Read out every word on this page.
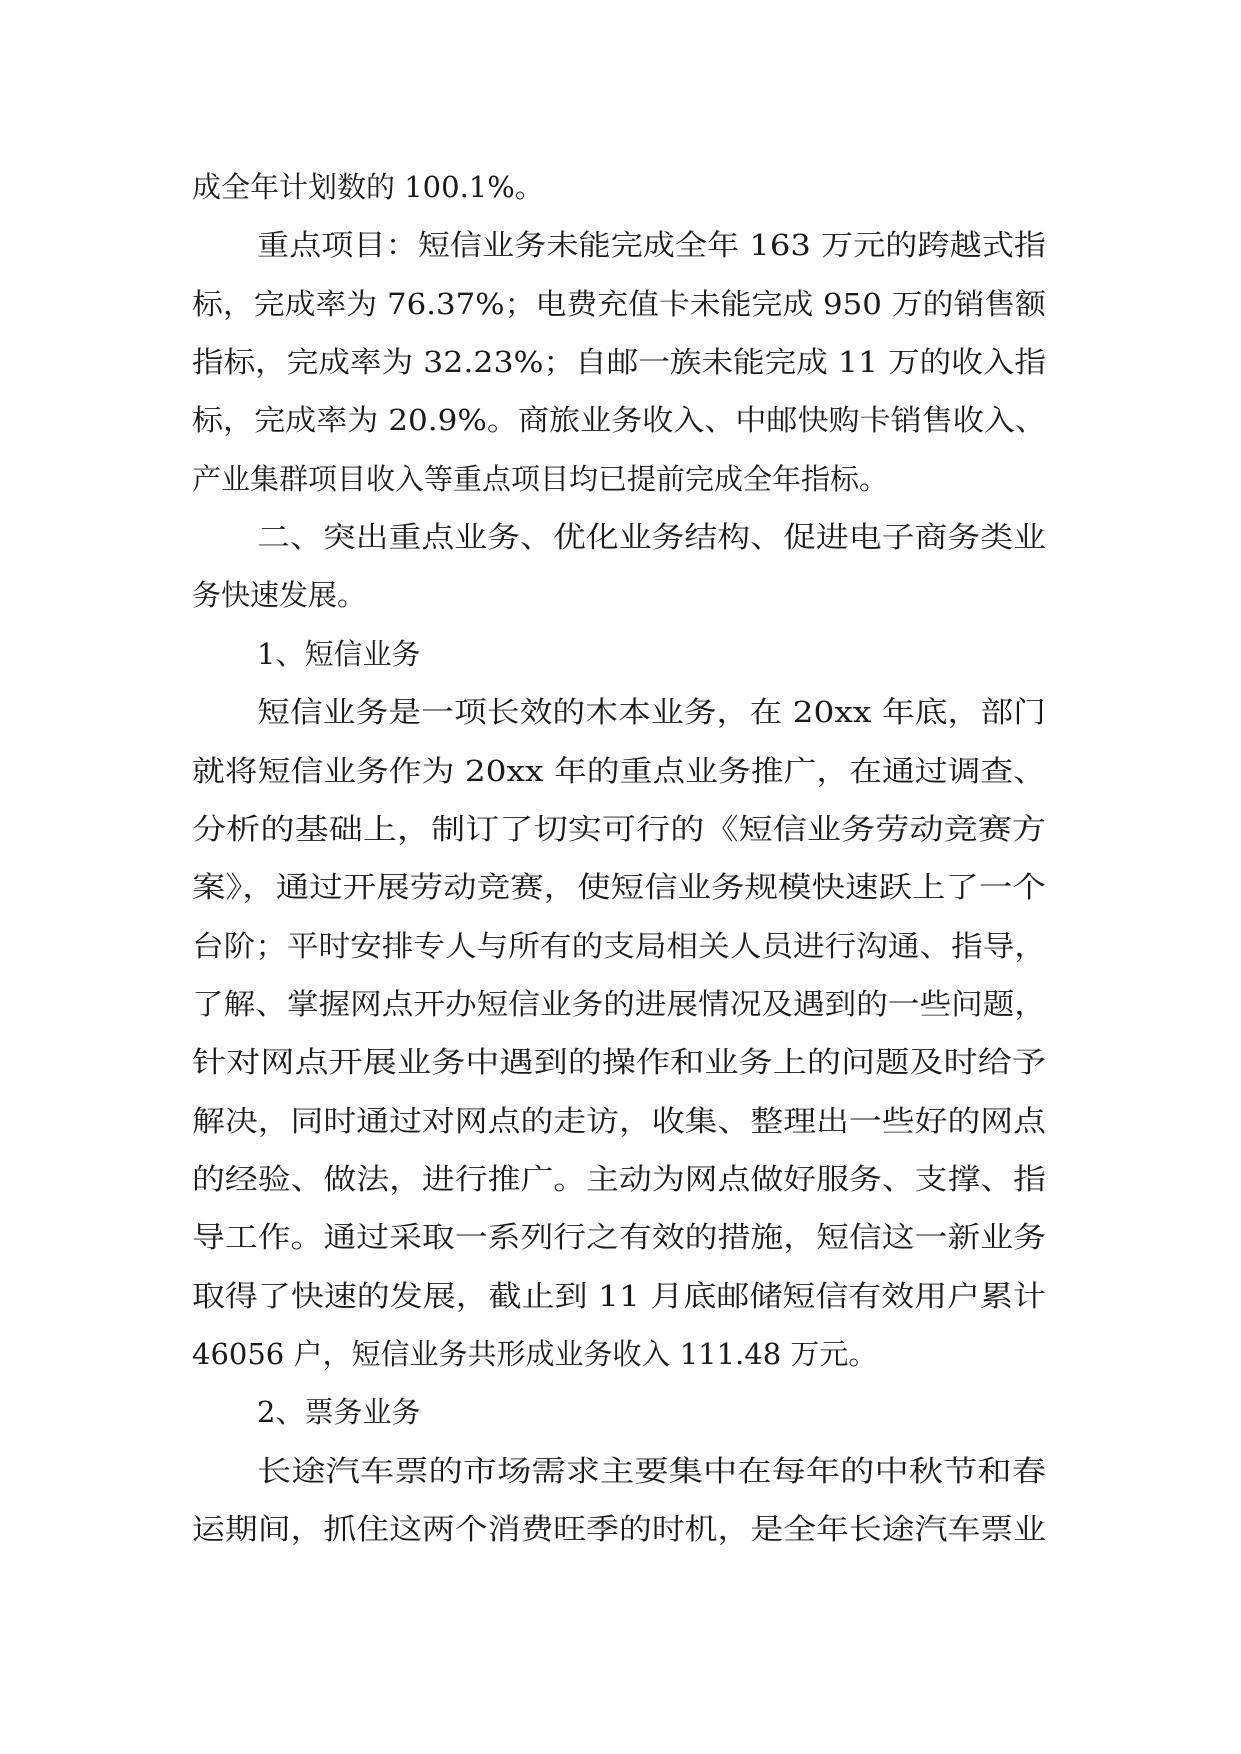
成全年计划数的 100.1%。
重点项目：短信业务未能完成全年 163 万元的跨越式指
标，完成率为 76.37%；电费充值卡未能完成 950 万的销售额
指标，完成率为 32.23%；自邮一族未能完成 11 万的收入指
标，完成率为 20.9%。商旅业务收入、中邮快购卡销售收入、
产业集群项目收入等重点项目均已提前完成全年指标。
二、突出重点业务、优化业务结构、促进电子商务类业
务快速发展。
1、短信业务
短信业务是一项长效的木本业务，在 20xx 年底，部门
就将短信业务作为 20xx 年的重点业务推广，在通过调查、
分析的基础上，制订了切实可行的《短信业务劳动竞赛方
案》，通过开展劳动竞赛，使短信业务规模快速跃上了一个
台阶；平时安排专人与所有的支局相关人员进行沟通、指导，
了解、掌握网点开办短信业务的进展情况及遇到的一些问题，
针对网点开展业务中遇到的操作和业务上的问题及时给予
解决，同时通过对网点的走访，收集、整理出一些好的网点
的经验、做法，进行推广。主动为网点做好服务、支撑、指
导工作。通过采取一系列行之有效的措施，短信这一新业务
取得了快速的发展，截止到 11 月底邮储短信有效用户累计
46056 户，短信业务共形成业务收入 111.48 万元。
2、票务业务
长途汽车票的市场需求主要集中在每年的中秋节和春
运期间，抓住这两个消费旺季的时机，是全年长途汽车票业
